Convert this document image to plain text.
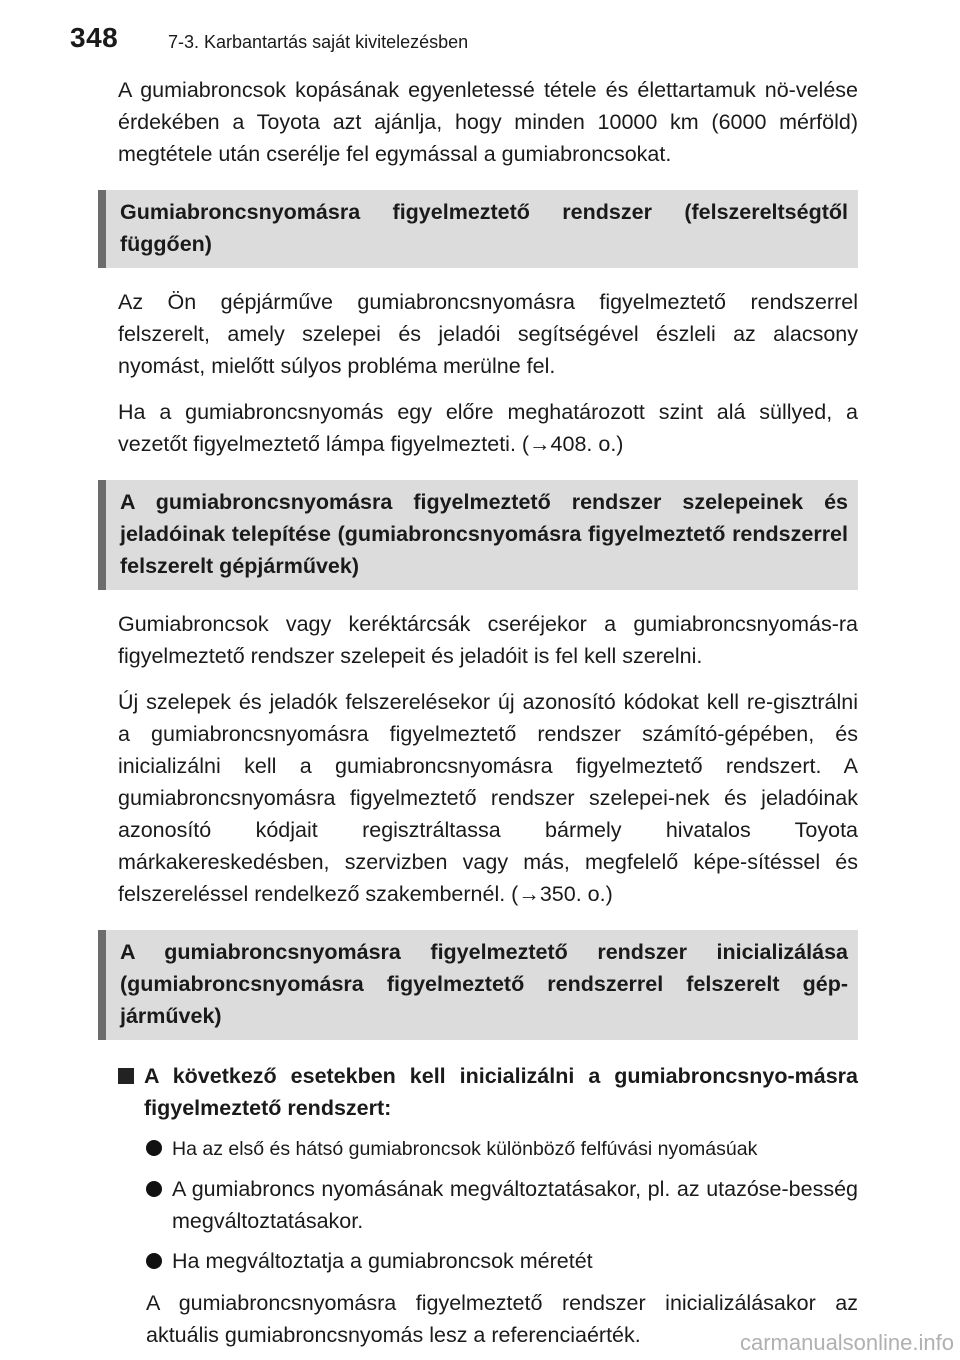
348	7-3. Karbantartás saját kivitelezésben

A gumiabroncsok kopásának egyenletessé tétele és élettartamuk nö-velése érdekében a Toyota azt ajánlja, hogy minden 10000 km (6000 mérföld) megtétele után cserélje fel egymással a gumiabroncsokat.

Gumiabroncsnyomásra figyelmeztető rendszer (felszereltségtől függően)

Az Ön gépjárműve gumiabroncsnyomásra figyelmeztető rendszerrel felszerelt, amely szelepei és jeladói segítségével észleli az alacsony nyomást, mielőtt súlyos probléma merülne fel.

Ha a gumiabroncsnyomás egy előre meghatározott szint alá süllyed, a vezetőt figyelmeztető lámpa figyelmezteti. (→408. o.)

A gumiabroncsnyomásra figyelmeztető rendszer szelepeinek és jeladóinak telepítése (gumiabroncsnyomásra figyelmeztető rendszerrel felszerelt gépjárművek)

Gumiabroncsok vagy keréktárcsák cseréjekor a gumiabroncsnyomás-ra figyelmeztető rendszer szelepeit és jeladóit is fel kell szerelni.

Új szelepek és jeladók felszerelésekor új azonosító kódokat kell re-gisztrálni a gumiabroncsnyomásra figyelmeztető rendszer számító-gépében, és inicializálni kell a gumiabroncsnyomásra figyelmeztető rendszert. A gumiabroncsnyomásra figyelmeztető rendszer szelepei-nek és jeladóinak azonosító kódjait regisztráltassa bármely hivatalos Toyota márkakereskedésben, szervizben vagy más, megfelelő képe-sítéssel és felszereléssel rendelkező szakembernél. (→350. o.)

A gumiabroncsnyomásra figyelmeztető rendszer inicializálása (gumiabroncsnyomásra figyelmeztető rendszerrel felszerelt gép-járművek)
A következő esetekben kell inicializálni a gumiabroncsnyo-másra figyelmeztető rendszert:
Ha az első és hátsó gumiabroncsok különböző felfúvási nyomásúak
A gumiabroncs nyomásának megváltoztatásakor, pl. az utazóse-besség megváltoztatásakor.
Ha megváltoztatja a gumiabroncsok méretét

A gumiabroncsnyomásra figyelmeztető rendszer inicializálásakor az aktuális gumiabroncsnyomás lesz a referenciaérték.	carmanualsonline.info
